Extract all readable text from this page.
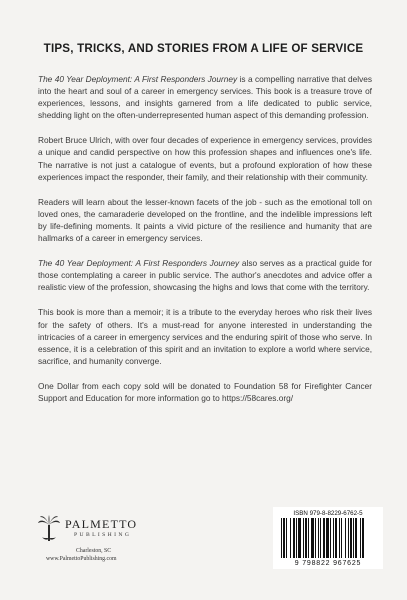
TIPS, TRICKS, AND STORIES FROM A LIFE OF SERVICE

The 40 Year Deployment: A First Responders Journey is a compelling narrative that delves into the heart and soul of a career in emergency services. This book is a treasure trove of experiences, lessons, and insights garnered from a life dedicated to public service, shedding light on the often-underrepresented human aspect of this demanding profession.

Robert Bruce Ulrich, with over four decades of experience in emergency services, provides a unique and candid perspective on how this profession shapes and influences one's life. The narrative is not just a catalogue of events, but a profound exploration of how these experiences impact the responder, their family, and their relationship with their community.

Readers will learn about the lesser-known facets of the job - such as the emotional toll on loved ones, the camaraderie developed on the frontline, and the indelible impressions left by life-defining moments. It paints a vivid picture of the resilience and humanity that are hallmarks of a career in emergency services.

The 40 Year Deployment: A First Responders Journey also serves as a practical guide for those contemplating a career in public service. The author's anecdotes and advice offer a realistic view of the profession, showcasing the highs and lows that come with the territory.

This book is more than a memoir; it is a tribute to the everyday heroes who risk their lives for the safety of others. It's a must-read for anyone interested in understanding the intricacies of a career in emergency services and the enduring spirit of those who serve. In essence, it is a celebration of this spirit and an invitation to explore a world where service, sacrifice, and humanity converge.

One Dollar from each copy sold will be donated to Foundation 58 for Firefighter Cancer Support and Education for more information go to https://58cares.org/

PALMETTO
PUBLISHING
Charleston, SC
www.PalmettoPublishing.com
ISBN 979-8-8229-6762-5
9 798822 967625
